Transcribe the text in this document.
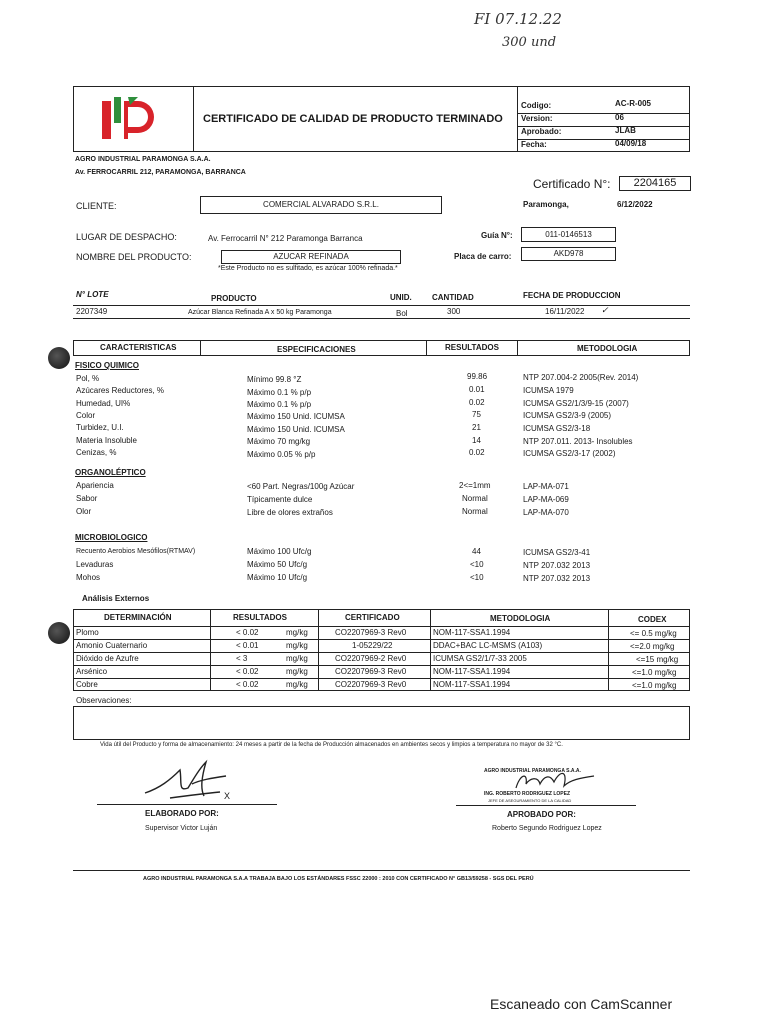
FI 07.12.22
300 und
CERTIFICADO DE CALIDAD DE PRODUCTO TERMINADO
Codigo:	AC-R-005
Version:	06
Aprobado:	JLAB
Fecha:	04/09/18
AGRO INDUSTRIAL PARAMONGA S.A.A.
Av. FERROCARRIL 212, PARAMONGA, BARRANCA
Certificado N°:	2204165
CLIENTE:	COMERCIAL ALVARADO S.R.L.	Paramonga,	6/12/2022
LUGAR DE DESPACHO:	Av. Ferrocarril N° 212 Paramonga Barranca	Guía N°:	011-0146513
NOMBRE DEL PRODUCTO:	AZUCAR REFINADA	Placa de carro:	AKD978
*Este Producto no es sulfitado, es azúcar 100% refinada.*
N° LOTE	PRODUCTO	UNID.	CANTIDAD	FECHA DE PRODUCCION
2207349	Azúcar Blanca Refinada A x 50 kg Paramonga	Bol	300	16/11/2022 ✓
CARACTERISTICAS	ESPECIFICACIONES	RESULTADOS	METODOLOGIA
FISICO QUIMICO
Pol, %	Mínimo 99.8 °Z	99.86	NTP 207.004-2 2005(Rev. 2014)
Azúcares Reductores, %	Máximo 0.1 % p/p	0.01	ICUMSA 1979
Humedad, UI%	Máximo 0.1 % p/p	0.02	ICUMSA GS2/1/3/9-15 (2007)
Color	Máximo 150 Unid. ICUMSA	75	ICUMSA GS2/3-9 (2005)
Turbidez, U.I.	Máximo 150 Unid. ICUMSA	21	ICUMSA GS2/3-18
Materia Insoluble	Máximo 70 mg/kg	14	NTP 207.011. 2013- Insolubles
Cenizas, %	Máximo 0.05 % p/p	0.02	ICUMSA GS2/3-17 (2002)
ORGANOLÉPTICO
Apariencia	<60 Part. Negras/100g Azúcar	2<=1mm	LAP-MA-071
Sabor	Típicamente dulce	Normal	LAP-MA-069
Olor	Libre de olores extraños	Normal	LAP-MA-070
MICROBIOLOGICO
Recuento Aerobios Mesófilos(RTMAV)	Máximo 100 Ufc/g	44	ICUMSA GS2/3-41
Levaduras	Máximo 50 Ufc/g	<10	NTP 207.032 2013
Mohos	Máximo 10 Ufc/g	<10	NTP 207.032 2013
Análisis Externos
DETERMINACIÓN	RESULTADOS	CERTIFICADO	METODOLOGIA	CODEX
Plomo	< 0.02	mg/kg	CO2207969-3 Rev0	NOM-117-SSA1.1994	<= 0.5 mg/kg
Amonio Cuaternario	< 0.01	mg/kg	1-05229/22	DDAC+BAC LC-MSMS (A103)	<=2.0 mg/kg
Dióxido de Azufre	< 3	mg/kg	CO2207969-2 Rev0	ICUMSA GS2/1/7-33 2005	<=15 mg/kg
Arsénico	< 0.02	mg/kg	CO2207969-3 Rev0	NOM-117-SSA1.1994	<=1.0 mg/kg
Cobre	< 0.02	mg/kg	CO2207969-3 Rev0	NOM-117-SSA1.1994	<=1.0 mg/kg
Observaciones:
Vida útil del Producto y forma de almacenamiento: 24 meses a partir de la fecha de Producción almacenados en ambientes secos y limpios a temperatura no mayor de 32 °C.
X
ELABORADO POR:
Supervisor Victor Luján
AGRO INDUSTRIAL PARAMONGA S.A.A.
ING. ROBERTO RODRIGUEZ LOPEZ
JEFE DE ASEGURAMIENTO DE LA CALIDAD
APROBADO POR:
Roberto Segundo Rodriguez Lopez
AGRO INDUSTRIAL PARAMONGA S.A.A TRABAJA BAJO LOS ESTÁNDARES FSSC 22000 : 2010 CON CERTIFICADO N° GB13/59258 - SGS DEL PERÚ
Escaneado con CamScanner
